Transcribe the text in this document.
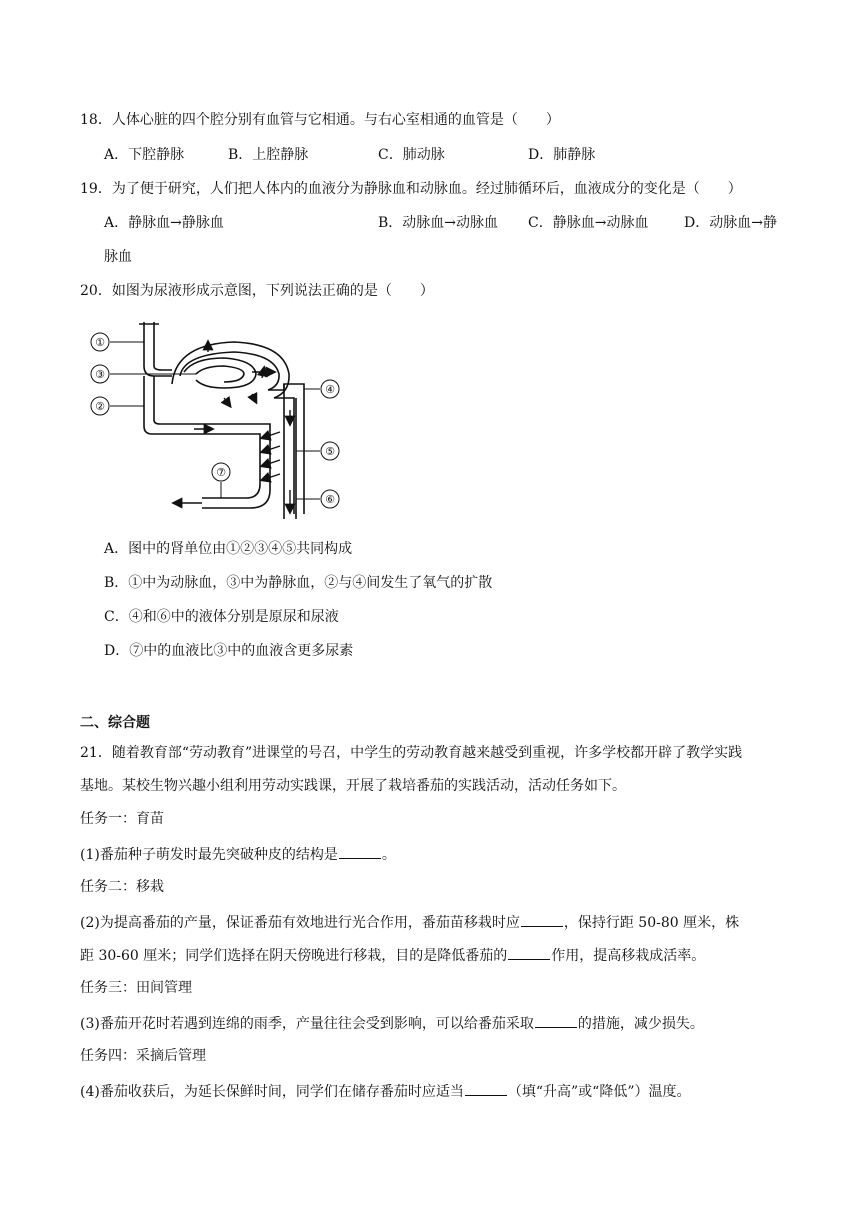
18．人体心脏的四个腔分别有血管与它相通。与右心室相通的血管是（　　）
A．下腔静脉	B．上腔静脉	C．肺动脉	D．肺静脉
19．为了便于研究，人们把人体内的血液分为静脉血和动脉血。经过肺循环后，血液成分的变化是（　　）
A．静脉血→静脉血	B．动脉血→动脉血 C．静脉血→动脉血	D．动脉血→静
脉血
20．如图为尿液形成示意图，下列说法正确的是（　　）
①
②
③
④
⑤
⑥
⑦
A．图中的肾单位由①②③④⑤共同构成
B．①中为动脉血，③中为静脉血，②与④间发生了氧气的扩散
C．④和⑥中的液体分别是原尿和尿液
D．⑦中的血液比③中的血液含更多尿素
二、综合题
21．随着教育部“劳动教育”进课堂的号召，中学生的劳动教育越来越受到重视，许多学校都开辟了教学实践
基地。某校生物兴趣小组利用劳动实践课，开展了栽培番茄的实践活动，活动任务如下。
任务一：育苗
(1)番茄种子萌发时最先突破种皮的结构是	。
任务二：移栽
(2)为提高番茄的产量，保证番茄有效地进行光合作用，番茄苗移栽时应	，保持行距 50-80 厘米，株
距 30-60 厘米；同学们选择在阴天傍晚进行移栽，目的是降低番茄的	作用，提高移栽成活率。
任务三：田间管理
(3)番茄开花时若遇到连绵的雨季，产量往往会受到影响，可以给番茄采取	的措施，减少损失。
任务四：采摘后管理
(4)番茄收获后，为延长保鲜时间，同学们在储存番茄时应适当	（填“升高”或“降低”）温度。
